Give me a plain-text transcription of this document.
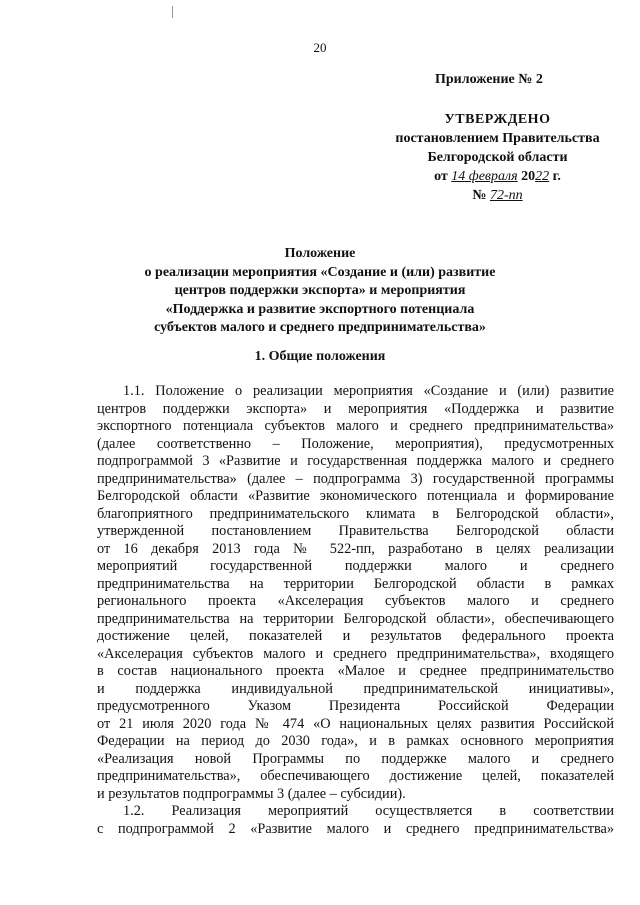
20
Приложение № 2
УТВЕРЖДЕНО
постановлением Правительства
Белгородской области
от 14 февраля 2022 г.
№ 72-пп
Положение
о реализации мероприятия «Создание и (или) развитие
центров поддержки экспорта» и мероприятия
«Поддержка и развитие экспортного потенциала
субъектов малого и среднего предпринимательства»
1. Общие положения
1.1. Положение о реализации мероприятия «Создание и (или) развитие
центров поддержки экспорта» и мероприятия «Поддержка и развитие
экспортного потенциала субъектов малого и среднего предпринимательства»
(далее соответственно – Положение, мероприятия), предусмотренных
подпрограммой 3 «Развитие и государственная поддержка малого и среднего
предпринимательства» (далее – подпрограмма 3) государственной программы
Белгородской области «Развитие экономического потенциала и формирование
благоприятного предпринимательского климата в Белгородской области»,
утвержденной постановлением Правительства Белгородской области
от 16 декабря 2013 года № 522-пп, разработано в целях реализации
мероприятий государственной поддержки малого и среднего
предпринимательства на территории Белгородской области в рамках
регионального проекта «Акселерация субъектов малого и среднего
предпринимательства на территории Белгородской области», обеспечивающего
достижение целей, показателей и результатов федерального проекта
«Акселерация субъектов малого и среднего предпринимательства», входящего
в состав национального проекта «Малое и среднее предпринимательство
и поддержка индивидуальной предпринимательской инициативы»,
предусмотренного Указом Президента Российской Федерации
от 21 июля 2020 года № 474 «О национальных целях развития Российской
Федерации на период до 2030 года», и в рамках основного мероприятия
«Реализация новой Программы по поддержке малого и среднего
предпринимательства», обеспечивающего достижение целей, показателей
и результатов подпрограммы 3 (далее – субсидии).
1.2. Реализация мероприятий осуществляется в соответствии
с подпрограммой 2 «Развитие малого и среднего предпринимательства»
